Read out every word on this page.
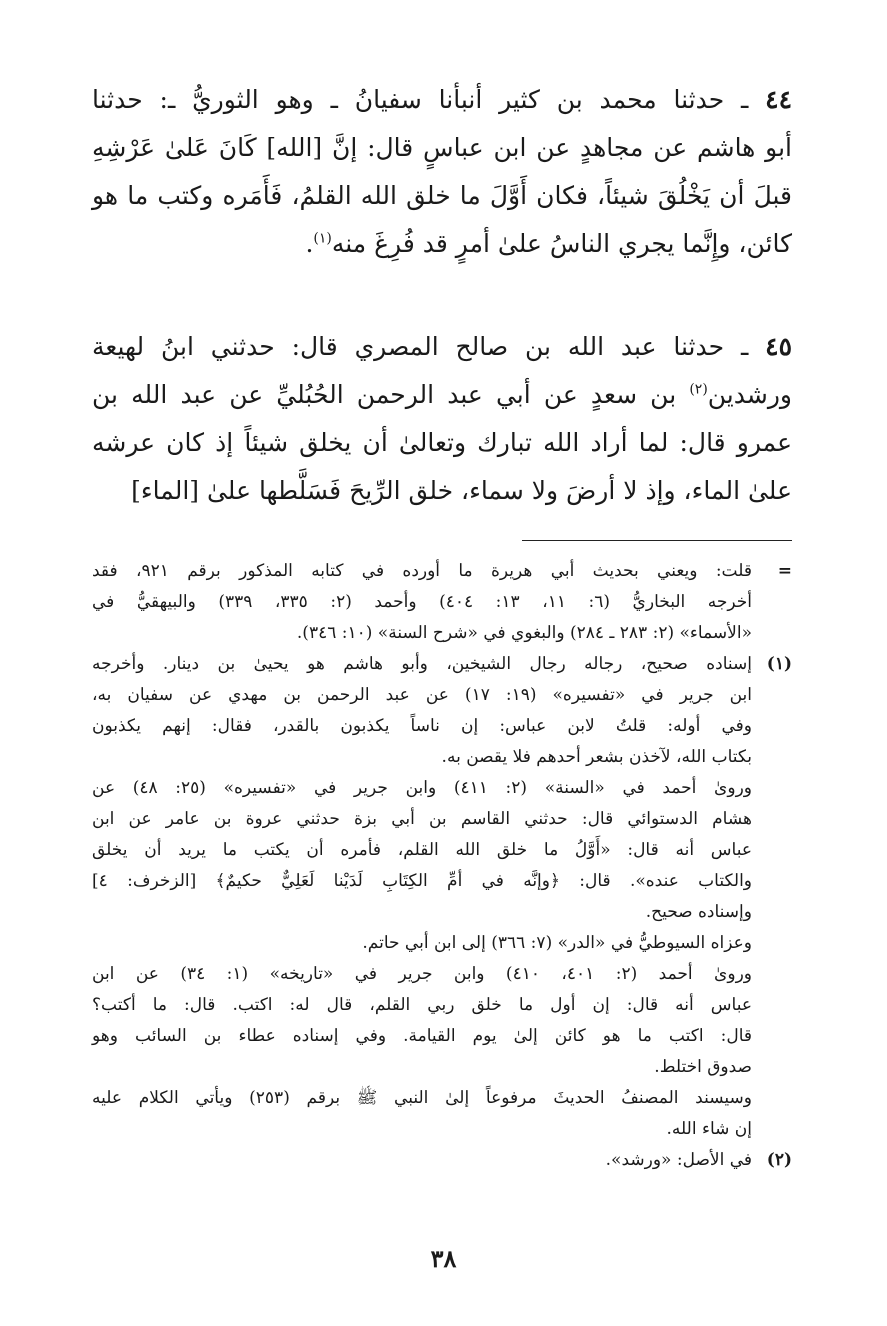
٤٤ ـ حدثنا محمد بن كثير أنبأنا سفيانُ ـ وهو الثوريُّ ـ: حدثنا
أبو هاشم عن مجاهدٍ عن ابن عباسٍ قال: إنَّ [الله] كَانَ عَلىٰ عَرْشِهِ
قبلَ أن يَخْلُقَ شيئاً، فكان أَوَّلَ ما خلق الله القلمُ، فَأَمَره وكتب ما هو
كائن، وإِنَّما يجري الناسُ علىٰ أمرٍ قد فُرِغَ منه$^{(١)}$.
٤٥ ـ حدثنا عبد الله بن صالح المصري قال: حدثني ابنُ لهيعة
ورشدين$^{(٢)}$ بن سعدٍ عن أبي عبد الرحمن الحُبُليِّ عن عبد الله بن
عمرو قال: لما أراد الله تبارك وتعالىٰ أن يخلق شيئاً إذ كان عرشه
علىٰ الماء، وإذ لا أرضَ ولا سماء، خلق الرِّيحَ فَسَلَّطها علىٰ [الماء]
=
قلت: ويعني بحديث أبي هريرة ما أورده في كتابه المذكور برقم ٩٢١، فقد
أخرجه البخاريُّ (٦: ١١، ١٣: ٤٠٤) وأحمد (٢: ٣٣٥، ٣٣٩) والبيهقيُّ في
«الأسماء» (٢: ٢٨٣ ـ ٢٨٤) والبغوي في «شرح السنة» (١٠: ٣٤٦).
(١)
إسناده صحيح، رجاله رجال الشيخين، وأبو هاشم هو يحيىٰ بن دينار. وأخرجه
ابن جرير في «تفسيره» (١٩: ١٧) عن عبد الرحمن بن مهدي عن سفيان به،
وفي أوله: قلتُ لابن عباس: إن ناساً يكذبون بالقدر، فقال: إنهم يكذبون
بكتاب الله، لآخذن بشعر أحدهم فلا يقصن به.
ورویٰ أحمد في «السنة» (٢: ٤١١) وابن جرير في «تفسيره» (٢٥: ٤٨) عن
هشام الدستوائي قال: حدثني القاسم بن أبي بزة حدثني عروة بن عامر عن ابن
عباس أنه قال: «أَوَّلُ ما خلق الله القلم، فأمره أن يكتب ما يريد أن يخلق
والكتاب عنده». قال: ﴿وإنَّه في أمِّ الكِتَابِ لَدَيْنا لَعَلِيٌّ حكيمٌ﴾ [الزخرف: ٤]
وإسناده صحيح.
وعزاه السيوطيُّ في «الدر» (٧: ٣٦٦) إلى ابن أبي حاتم.
ورویٰ أحمد (٢: ٤٠١، ٤١٠) وابن جرير في «تاريخه» (١: ٣٤) عن ابن
عباس أنه قال: إن أول ما خلق ربي القلم، قال له: اكتب. قال: ما أكتب؟
قال: اكتب ما هو كائن إلىٰ يوم القيامة. وفي إسناده عطاء بن السائب وهو
صدوق اختلط.
وسيسند المصنفُ الحديثَ مرفوعاً إلىٰ النبي ﷺ برقم (٢٥٣) ويأتي الكلام عليه
إن شاء الله.
(٢)
في الأصل: «ورشد».
٣٨
